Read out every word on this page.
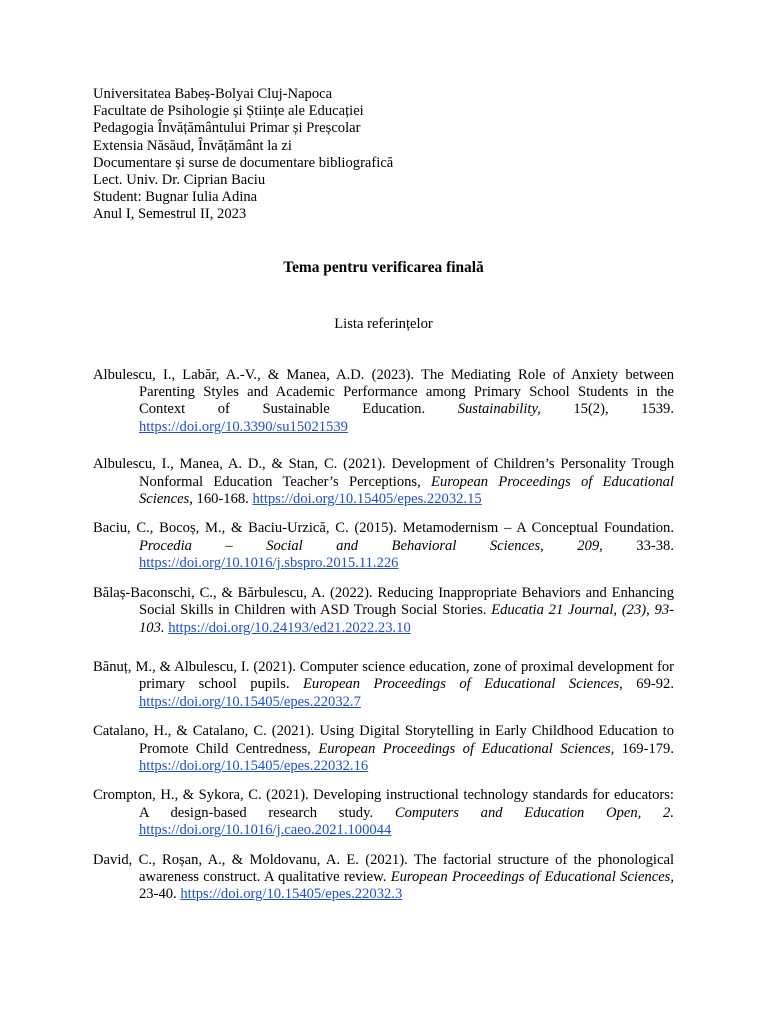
Universitatea Babeș-Bolyai Cluj-Napoca

Facultate de Psihologie și Științe ale Educației

Pedagogia Învățământului Primar și Preșcolar

Extensia Năsăud, Învățământ la zi

Documentare și surse de documentare bibliografică

Lect. Univ. Dr. Ciprian Baciu

Student: Bugnar Iulia Adina

Anul I, Semestrul II, 2023

Tema pentru verificarea finală
Lista referințelor

Albulescu, I., Labăr, A.-V., & Manea, A.D. (2023). The Mediating Role of Anxiety between Parenting Styles and Academic Performance among Primary School Students in the Context of Sustainable Education. Sustainability, 15(2), 1539. https://doi.org/10.3390/su15021539

Albulescu, I., Manea, A. D., & Stan, C. (2021). Development of Children’s Personality Trough Nonformal Education Teacher’s Perceptions, European Proceedings of Educational Sciences, 160-168. https://doi.org/10.15405/epes.22032.15

Baciu, C., Bocoș, M., & Baciu-Urzică, C. (2015). Metamodernism – A Conceptual Foundation. Procedia – Social and Behavioral Sciences, 209, 33-38. https://doi.org/10.1016/j.sbspro.2015.11.226

Bălaș-Baconschi, C., & Bărbulescu, A. (2022). Reducing Inappropriate Behaviors and Enhancing Social Skills in Children with ASD Trough Social Stories. Educatia 21 Journal, (23), 93-103. https://doi.org/10.24193/ed21.2022.23.10

Bănuț, M., & Albulescu, I. (2021). Computer science education, zone of proximal development for primary school pupils. European Proceedings of Educational Sciences, 69-92. https://doi.org/10.15405/epes.22032.7

Catalano, H., & Catalano, C. (2021). Using Digital Storytelling in Early Childhood Education to Promote Child Centredness, European Proceedings of Educational Sciences, 169-179. https://doi.org/10.15405/epes.22032.16

Crompton, H., & Sykora, C. (2021). Developing instructional technology standards for educators: A design-based research study. Computers and Education Open, 2. https://doi.org/10.1016/j.caeo.2021.100044

David, C., Roșan, A., & Moldovanu, A. E. (2021). The factorial structure of the phonological awareness construct. A qualitative review. European Proceedings of Educational Sciences, 23-40. https://doi.org/10.15405/epes.22032.3
